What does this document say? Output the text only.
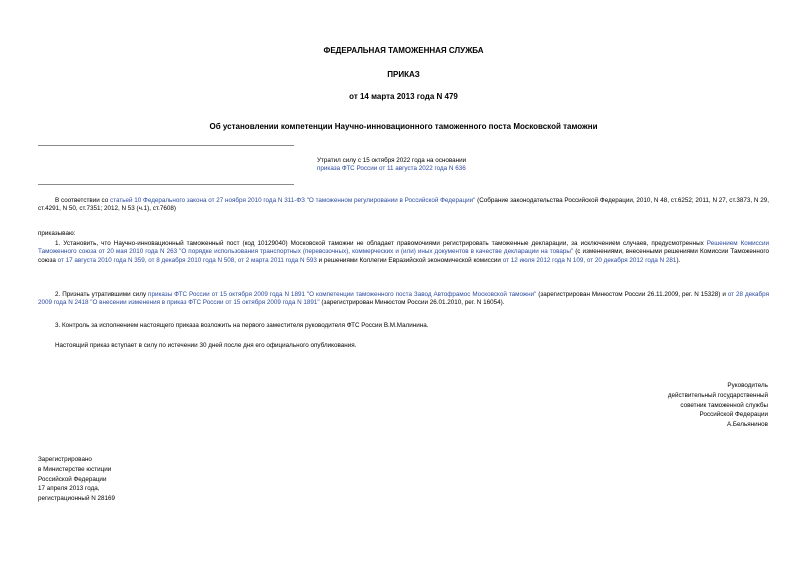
ФЕДЕРАЛЬНАЯ ТАМОЖЕННАЯ СЛУЖБА
ПРИКАЗ
от 14 марта 2013 года N 479
Об установлении компетенции Научно-инновационного таможенного поста Московской таможни
Утратил силу с 15 октября 2022 года на основании
приказа ФТС России от 11 августа 2022 года N 636
В соответствии со статьей 10 Федерального закона от 27 ноября 2010 года N 311-ФЗ "О таможенном регулировании в Российской Федерации" (Собрание законодательства Российской Федерации, 2010, N 48, ст.6252; 2011, N 27, ст.3873, N 29, ст.4291, N 50, ст.7351; 2012, N 53 (ч.1), ст.7608)
приказываю:
1. Установить, что Научно-инновационный таможенный пост (код 10129040) Московской таможни не обладает правомочиями регистрировать таможенные декларации, за исключением случаев, предусмотренных Решением Комиссии Таможенного союза от 20 мая 2010 года N 263 "О порядке использования транспортных (перевозочных), коммерческих и (или) иных документов в качестве декларации на товары" (с изменениями, внесенными решениями Комиссии Таможенного союза от 17 августа 2010 года N 359, от 8 декабря 2010 года N 508, от 2 марта 2011 года N 593 и решениями Коллегии Евразийской экономической комиссии от 12 июля 2012 года N 109, от 20 декабря 2012 года N 281).
2. Признать утратившими силу приказы ФТС России от 15 октября 2009 года N 1891 "О компетенции таможенного поста Завод Автофрамос Московской таможни" (зарегистрирован Минюстом России 26.11.2009, рег. N 15328) и от 28 декабря 2009 года N 2418 "О внесении изменения в приказ ФТС России от 15 октября 2009 года N 1891" (зарегистрирован Минюстом России 26.01.2010, рег. N 16054).
3. Контроль за исполнением настоящего приказа возложить на первого заместителя руководителя ФТС России В.М.Малинина.
Настоящий приказ вступает в силу по истечении 30 дней после дня его официального опубликования.
Руководитель
действительный государственный
советник таможенной службы
Российской Федерации
А.Бельянинов
Зарегистрировано
в Министерстве юстиции
Российской Федерации
17 апреля 2013 года,
регистрационный N 28169
